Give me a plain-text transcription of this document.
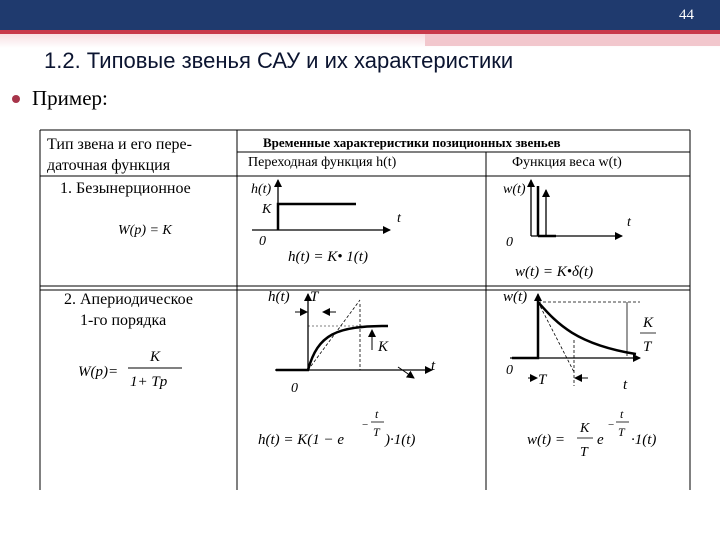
44
1.2. Типовые звенья САУ и их характеристики
Пример:
Тип звена и его пере-
даточная функция
Временные характеристики позиционных звеньев
Переходная функция h(t)	Функция веса w(t)
1. Безынерционное
W(p) = K
h(t)
K
0
t
h(t) = K• 1(t)
w(t)
0
t
w(t) = K•δ(t)
2. Апериодическое
1-го порядка
W(p)=
K
1+ Tp
h(t) T
K
0
t
h(t) = K(1 − e
−
t
T )·1(t)
w(t)
K
T
0
T	t
w(t) =
K
T
e
−
t
T ·1(t)
